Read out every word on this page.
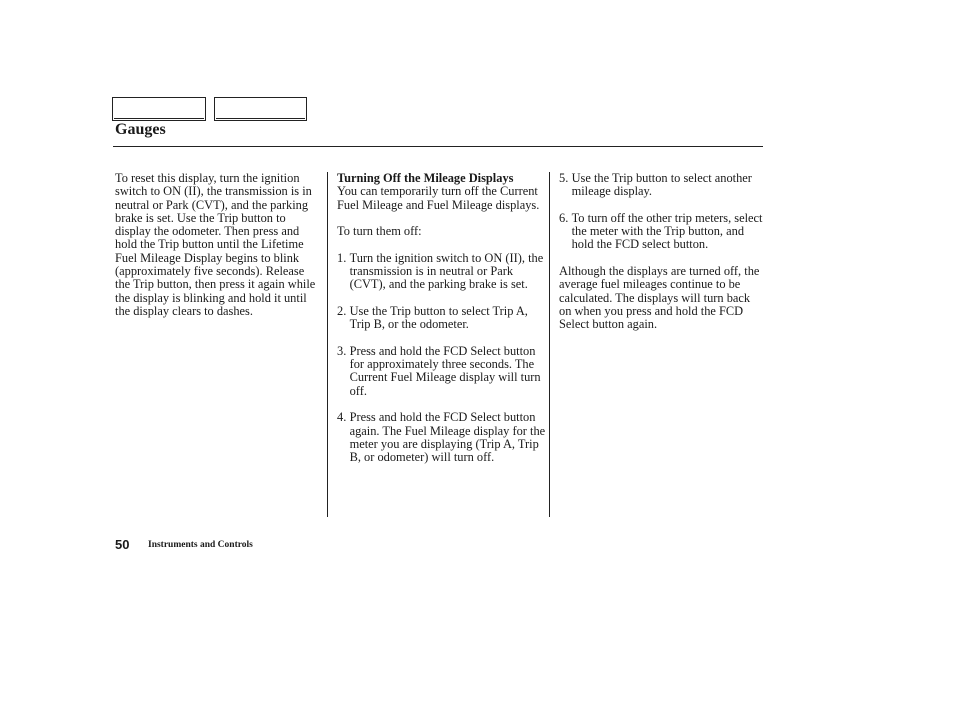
Gauges

To reset this display, turn the ignition switch to ON (II), the transmission is in neutral or Park (CVT), and the parking brake is set. Use the Trip button to display the odometer. Then press and hold the Trip button until the Lifetime Fuel Mileage Display begins to blink (approximately five seconds). Release the Trip button, then press it again while the display is blinking and hold it until the display clears to dashes.

Turning Off the Mileage Displays

You can temporarily turn off the Current Fuel Mileage and Fuel Mileage displays.

To turn them off:

1. Turn the ignition switch to ON (II), the transmission is in neutral or Park (CVT), and the parking brake is set.
2. Use the Trip button to select Trip A, Trip B, or the odometer.
3. Press and hold the FCD Select button for approximately three seconds. The Current Fuel Mileage display will turn off.
4. Press and hold the FCD Select button again. The Fuel Mileage display for the meter you are displaying (Trip A, Trip B, or odometer) will turn off.
5. Use the Trip button to select another mileage display.
6. To turn off the other trip meters, select the meter with the Trip button, and hold the FCD select button.

Although the displays are turned off, the average fuel mileages continue to be calculated. The displays will turn back on when you press and hold the FCD Select button again.

50 Instruments and Controls
